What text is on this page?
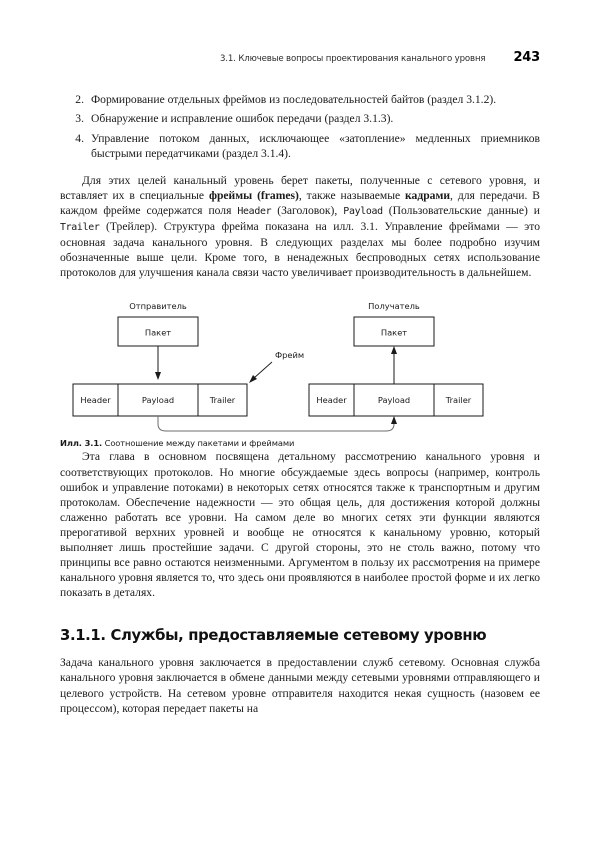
3.1. Ключевые вопросы проектирования канального уровня 243
2. Формирование отдельных фреймов из последовательностей байтов (раздел 3.1.2).
3. Обнаружение и исправление ошибок передачи (раздел 3.1.3).
4. Управление потоком данных, исключающее «затопление» медленных приемников быстрыми передатчиками (раздел 3.1.4).

Для этих целей канальный уровень берет пакеты, полученные с сетевого уровня, и вставляет их в специальные фреймы (frames), также называемые кадрами, для передачи. В каждом фрейме содержатся поля Header (Заголовок), Payload (Пользовательские данные) и Trailer (Трейлер). Структура фрейма показана на илл. 3.1. Управление фреймами — это основная задача канального уровня. В следующих разделах мы более подробно изучим обозначенные выше цели. Кроме того, в ненадежных беспроводных сетях использование протоколов для улучшения канала связи часто увеличивает производительность в дальнейшем.

Отправитель
Пакет
Header	Payload	Trailer
Фрейм
Получатель
Пакет
Header	Payload	Trailer
Илл. 3.1. Соотношение между пакетами и фреймами

Эта глава в основном посвящена детальному рассмотрению канального уровня и соответствующих протоколов. Но многие обсуждаемые здесь вопросы (например, контроль ошибок и управление потоками) в некоторых сетях относятся также к транспортным и другим протоколам. Обеспечение надежности — это общая цель, для достижения которой должны слаженно работать все уровни. На самом деле во многих сетях эти функции являются прерогативой верхних уровней и вообще не относятся к канальному уровню, который выполняет лишь простейшие задачи. С другой стороны, это не столь важно, потому что принципы все равно остаются неизменными. Аргументом в пользу их рассмотрения на примере канального уровня является то, что здесь они проявляются в наиболее простой форме и их легко показать в деталях.

3.1.1. Службы, предоставляемые сетевому уровню

Задача канального уровня заключается в предоставлении служб сетевому. Основная служба канального уровня заключается в обмене данными между сетевыми уровнями отправляющего и целевого устройств. На сетевом уровне отправителя находится некая сущность (назовем ее процессом), которая передает пакеты на
